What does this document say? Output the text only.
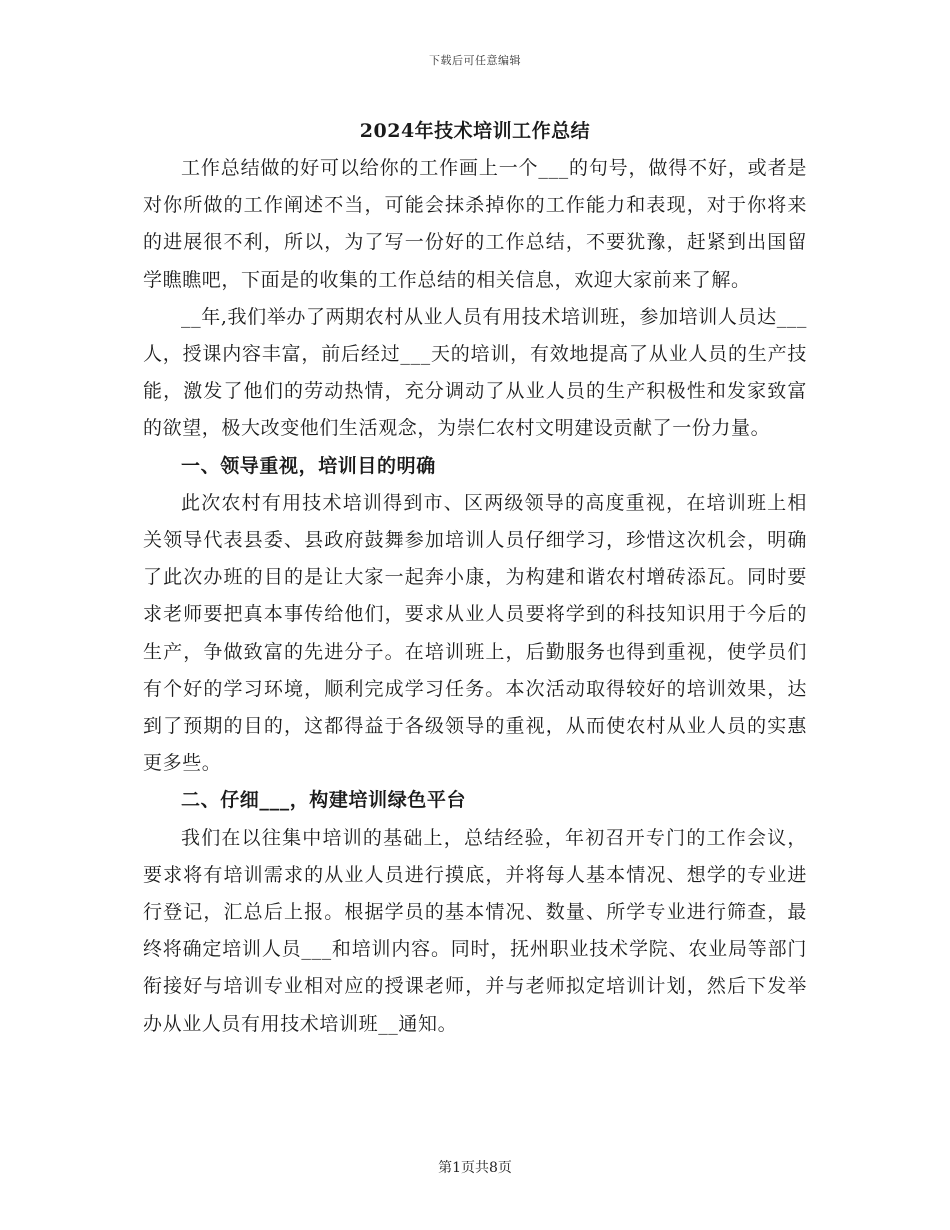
下载后可任意编辑
2024年技术培训工作总结

工作总结做的好可以给你的工作画上一个___的句号，做得不好，或者是对你所做的工作阐述不当，可能会抹杀掉你的工作能力和表现，对于你将来的进展很不利，所以，为了写一份好的工作总结，不要犹豫，赶紧到出国留学瞧瞧吧，下面是的收集的工作总结的相关信息，欢迎大家前来了解。

__年,我们举办了两期农村从业人员有用技术培训班，参加培训人员达___人，授课内容丰富，前后经过___天的培训，有效地提高了从业人员的生产技能，激发了他们的劳动热情，充分调动了从业人员的生产积极性和发家致富的欲望，极大改变他们生活观念，为崇仁农村文明建设贡献了一份力量。

一、领导重视，培训目的明确

此次农村有用技术培训得到市、区两级领导的高度重视，在培训班上相关领导代表县委、县政府鼓舞参加培训人员仔细学习，珍惜这次机会，明确了此次办班的目的是让大家一起奔小康，为构建和谐农村增砖添瓦。同时要求老师要把真本事传给他们，要求从业人员要将学到的科技知识用于今后的生产，争做致富的先进分子。在培训班上，后勤服务也得到重视，使学员们有个好的学习环境，顺利完成学习任务。本次活动取得较好的培训效果，达到了预期的目的，这都得益于各级领导的重视，从而使农村从业人员的实惠更多些。

二、仔细___，构建培训绿色平台

我们在以往集中培训的基础上，总结经验，年初召开专门的工作会议，要求将有培训需求的从业人员进行摸底，并将每人基本情况、想学的专业进行登记，汇总后上报。根据学员的基本情况、数量、所学专业进行筛查，最终将确定培训人员___和培训内容。同时，抚州职业技术学院、农业局等部门衔接好与培训专业相对应的授课老师，并与老师拟定培训计划，然后下发举办从业人员有用技术培训班__通知。

第1页共8页
